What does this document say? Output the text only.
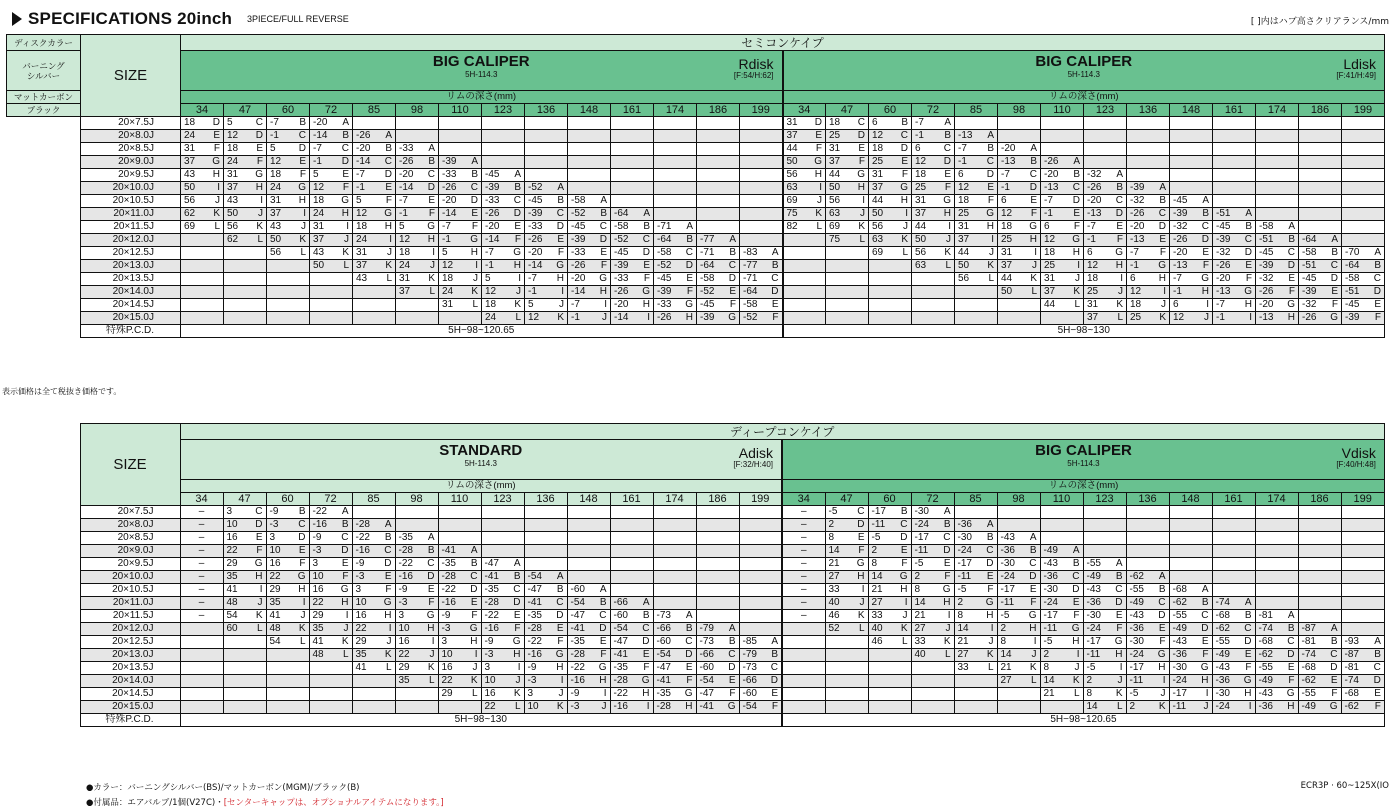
SPECIFICATIONS 20inch 3PIECE/FULL REVERSE	[ ]内はハブ高さクリアランス/mm
ディスクカラー	SIZE	セミコンケイプ																											
バーニング
シルバー		BIG CALIPER
5H-114.3
Rdisk
[F:54/H:62]														BIG CALIPER
5H-114.3
Ldisk
[F:41/H:49]													

マットカーボン		リムの深さ(mm)														リムの深さ(mm)													
ブラック		34	47	60	72	85	98	110	123	136	148	161	174	186	199	34	47	60	72	85	98	110	123	136	148	161	174	186	199
	20×7.5J	18 D	5 C	-7 B	-20 A											31 D	18 C	6 B	-7 A										

	20×8.0J	24 E	12 D	-1 C	-14 B	-26 A										37 E	25 D	12 C	-1 B	-13 A									

	20×8.5J	31 F	18 E	5 D	-7 C	-20 B	-33 A									44 F	31 E	18 D	6 C	-7 B	-20 A								

	20×9.0J	37 G	24 F	12 E	-1 D	-14 C	-26 B	-39 A								50 G	37 F	25 E	12 D	-1 C	-13 B	-26 A							

	20×9.5J	43 H	31 G	18 F	5 E	-7 D	-20 C	-33 B	-45 A							56 H	44 G	31 F	18 E	6 D	-7 C	-20 B	-32 A						

	20×10.0J	50 I	37 H	24 G	12 F	-1 E	-14 D	-26 C	-39 B	-52 A						63 I	50 H	37 G	25 F	12 E	-1 D	-13 C	-26 B	-39 A					

	20×10.5J	56 J	43 I	31 H	18 G	5 F	-7 E	-20 D	-33 C	-45 B	-58 A					69 J	56 I	44 H	31 G	18 F	6 E	-7 D	-20 C	-32 B	-45 A				

	20×11.0J	62 K	50 J	37 I	24 H	12 G	-1 F	-14 E	-26 D	-39 C	-52 B	-64 A				75 K	63 J	50 I	37 H	25 G	12 F	-1 E	-13 D	-26 C	-39 B	-51 A			

	20×11.5J	69 L	56 K	43 J	31 I	18 H	5 G	-7 F	-20 E	-33 D	-45 C	-58 B	-71 A			82 L	69 K	56 J	44 I	31 H	18 G	6 F	-7 E	-20 D	-32 C	-45 B	-58 A		

	20×12.0J		62 L	50 K	37 J	24 I	12 H	-1 G	-14 F	-26 E	-39 D	-52 C	-64 B	-77 A			75 L	63 K	50 J	37 I	25 H	12 G	-1 F	-13 E	-26 D	-39 C	-51 B	-64 A	

	20×12.5J			56 L	43 K	31 J	18 I	5 H	-7 G	-20 F	-33 E	-45 D	-58 C	-71 B	-83 A			69 L	56 K	44 J	31 I	18 H	6 G	-7 F	-20 E	-32 D	-45 C	-58 B	-70 A

	20×13.0J				50 L	37 K	24 J	12 I	-1 H	-14 G	-26 F	-39 E	-52 D	-64 C	-77 B				63 L	50 K	37 J	25 I	12 H	-1 G	-13 F	-26 E	-39 D	-51 C	-64 B

	20×13.5J					43 L	31 K	18 J	5 I	-7 H	-20 G	-33 F	-45 E	-58 D	-71 C					56 L	44 K	31 J	18 I	6 H	-7 G	-20 F	-32 E	-45 D	-58 C

	20×14.0J						37 L	24 K	12 J	-1 I	-14 H	-26 G	-39 F	-52 E	-64 D						50 L	37 K	25 J	12 I	-1 H	-13 G	-26 F	-39 E	-51 D

	20×14.5J							31 L	18 K	5 J	-7 I	-20 H	-33 G	-45 F	-58 E							44 L	31 K	18 J	6 I	-7 H	-20 G	-32 F	-45 E

	20×15.0J								24 L	12 K	-1 J	-14 I	-26 H	-39 G	-52 F								37 L	25 K	12 J	-1 I	-13 H	-26 G	-39 F

	特殊P.C.D.	5H−98~120.65														5H−98~130													
表示価格は全て税抜き価格です。
	SIZE	ディープコンケイプ																											

		STANDARD
5H-114.3
Adisk
[F:32/H:40]														BIG CALIPER
5H-114.3
Vdisk
[F:40/H:48]													

		リムの深さ(mm)														リムの深さ(mm)													
		34	47	60	72	85	98	110	123	136	148	161	174	186	199	34	47	60	72	85	98	110	123	136	148	161	174	186	199
	20×7.5J	–	3 C	-9 B	-22 A											–	-5 C	-17 B	-30 A										

	20×8.0J	–	10 D	-3 C	-16 B	-28 A										–	2 D	-11 C	-24 B	-36 A									

	20×8.5J	–	16 E	3 D	-9 C	-22 B	-35 A									–	8 E	-5 D	-17 C	-30 B	-43 A								

	20×9.0J	–	22 F	10 E	-3 D	-16 C	-28 B	-41 A								–	14 F	2 E	-11 D	-24 C	-36 B	-49 A							

	20×9.5J	–	29 G	16 F	3 E	-9 D	-22 C	-35 B	-47 A							–	21 G	8 F	-5 E	-17 D	-30 C	-43 B	-55 A						

	20×10.0J	–	35 H	22 G	10 F	-3 E	-16 D	-28 C	-41 B	-54 A						–	27 H	14 G	2 F	-11 E	-24 D	-36 C	-49 B	-62 A					

	20×10.5J	–	41 I	29 H	16 G	3 F	-9 E	-22 D	-35 C	-47 B	-60 A					–	33 I	21 H	8 G	-5 F	-17 E	-30 D	-43 C	-55 B	-68 A				

	20×11.0J	–	48 J	35 I	22 H	10 G	-3 F	-16 E	-28 D	-41 C	-54 B	-66 A				–	40 J	27 I	14 H	2 G	-11 F	-24 E	-36 D	-49 C	-62 B	-74 A			

	20×11.5J	–	54 K	41 J	29 I	16 H	3 G	-9 F	-22 E	-35 D	-47 C	-60 B	-73 A			–	46 K	33 J	21 I	8 H	-5 G	-17 F	-30 E	-43 D	-55 C	-68 B	-81 A		

	20×12.0J		60 L	48 K	35 J	22 I	10 H	-3 G	-16 F	-28 E	-41 D	-54 C	-66 B	-79 A			52 L	40 K	27 J	14 I	2 H	-11 G	-24 F	-36 E	-49 D	-62 C	-74 B	-87 A	

	20×12.5J			54 L	41 K	29 J	16 I	3 H	-9 G	-22 F	-35 E	-47 D	-60 C	-73 B	-85 A			46 L	33 K	21 J	8 I	-5 H	-17 G	-30 F	-43 E	-55 D	-68 C	-81 B	-93 A

	20×13.0J				48 L	35 K	22 J	10 I	-3 H	-16 G	-28 F	-41 E	-54 D	-66 C	-79 B				40 L	27 K	14 J	2 I	-11 H	-24 G	-36 F	-49 E	-62 D	-74 C	-87 B

	20×13.5J					41 L	29 K	16 J	3 I	-9 H	-22 G	-35 F	-47 E	-60 D	-73 C					33 L	21 K	8 J	-5 I	-17 H	-30 G	-43 F	-55 E	-68 D	-81 C

	20×14.0J						35 L	22 K	10 J	-3 I	-16 H	-28 G	-41 F	-54 E	-66 D						27 L	14 K	2 J	-11 I	-24 H	-36 G	-49 F	-62 E	-74 D

	20×14.5J							29 L	16 K	3 J	-9 I	-22 H	-35 G	-47 F	-60 E							21 L	8 K	-5 J	-17 I	-30 H	-43 G	-55 F	-68 E

	20×15.0J								22 L	10 K	-3 J	-16 I	-28 H	-41 G	-54 F								14 L	2 K	-11 J	-24 I	-36 H	-49 G	-62 F

	特殊P.C.D.	5H−98~130														5H−98~120.65													
●カラー：バーニングシルバー(BS)/マットカーボン(MGM)/ブラック(B)
●付属品：エアバルブ/1個(V27C)・[センターキャップは、オプショナルアイテムになります。]
ECR3P · 60~125X(IO
